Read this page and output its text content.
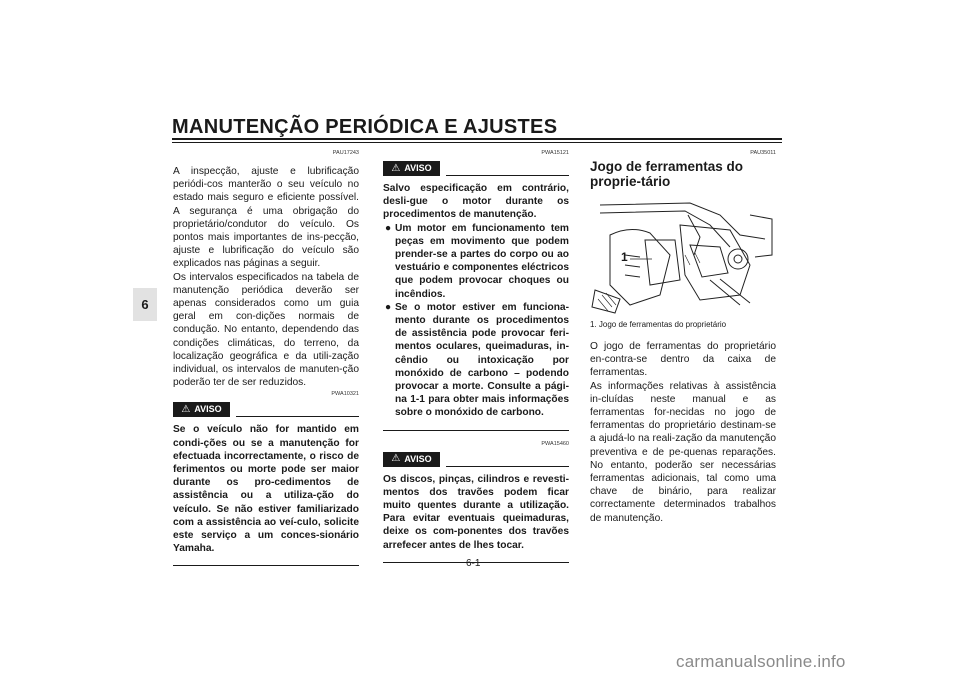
MANUTENÇÃO PERIÓDICA E AJUSTES
6
PAU17243

A inspecção, ajuste e lubrificação periódi-cos manterão o seu veículo no estado mais seguro e eficiente possível. A segurança é uma obrigação do proprietário/condutor do veículo. Os pontos mais importantes de ins-pecção, ajuste e lubrificação do veículo são explicados nas páginas a seguir.

Os intervalos especificados na tabela de manutenção periódica deverão ser apenas considerados como um guia geral em con-dições normais de condução. No entanto, dependendo das condições climáticas, do terreno, da localização geográfica e da utili-zação individual, os intervalos de manuten-ção poderão ter de ser reduzidos.

PWA10321
⚠ AVISO

Se o veículo não for mantido em condi-ções ou se a manutenção for efectuada incorrectamente, o risco de ferimentos ou morte pode ser maior durante os pro-cedimentos de assistência ou a utiliza-ção do veículo. Se não estiver familiarizado com a assistência ao veí-culo, solicite este serviço a um conces-sionário Yamaha.

PWA15121
⚠ AVISO

Salvo especificação em contrário, desli-gue o motor durante os procedimentos de manutenção.

● Um motor em funcionamento tem peças em movimento que podem prender-se a partes do corpo ou ao vestuário e componentes eléctricos que podem provocar choques ou incêndios.
● Se o motor estiver em funciona-mento durante os procedimentos de assistência pode provocar feri-mentos oculares, queimaduras, in-cêndio ou intoxicação por monóxido de carbono – podendo provocar a morte. Consulte a pági-na 1-1 para obter mais informações sobre o monóxido de carbono.
PWA15460
⚠ AVISO

Os discos, pinças, cilindros e revesti-mentos dos travões podem ficar muito quentes durante a utilização. Para evitar eventuais queimaduras, deixe os com-ponentes dos travões arrefecer antes de lhes tocar.

PAU35011
Jogo de ferramentas do proprie-tário
1
1. Jogo de ferramentas do proprietário

O jogo de ferramentas do proprietário en-contra-se dentro da caixa de ferramentas.

As informações relativas à assistência in-cluídas neste manual e as ferramentas for-necidas no jogo de ferramentas do proprietário destinam-se a ajudá-lo na reali-zação da manutenção preventiva e de pe-quenas reparações. No entanto, poderão ser necessárias ferramentas adicionais, tal como uma chave de binário, para realizar correctamente determinados trabalhos de manutenção.

6-1
carmanualsonline.info
